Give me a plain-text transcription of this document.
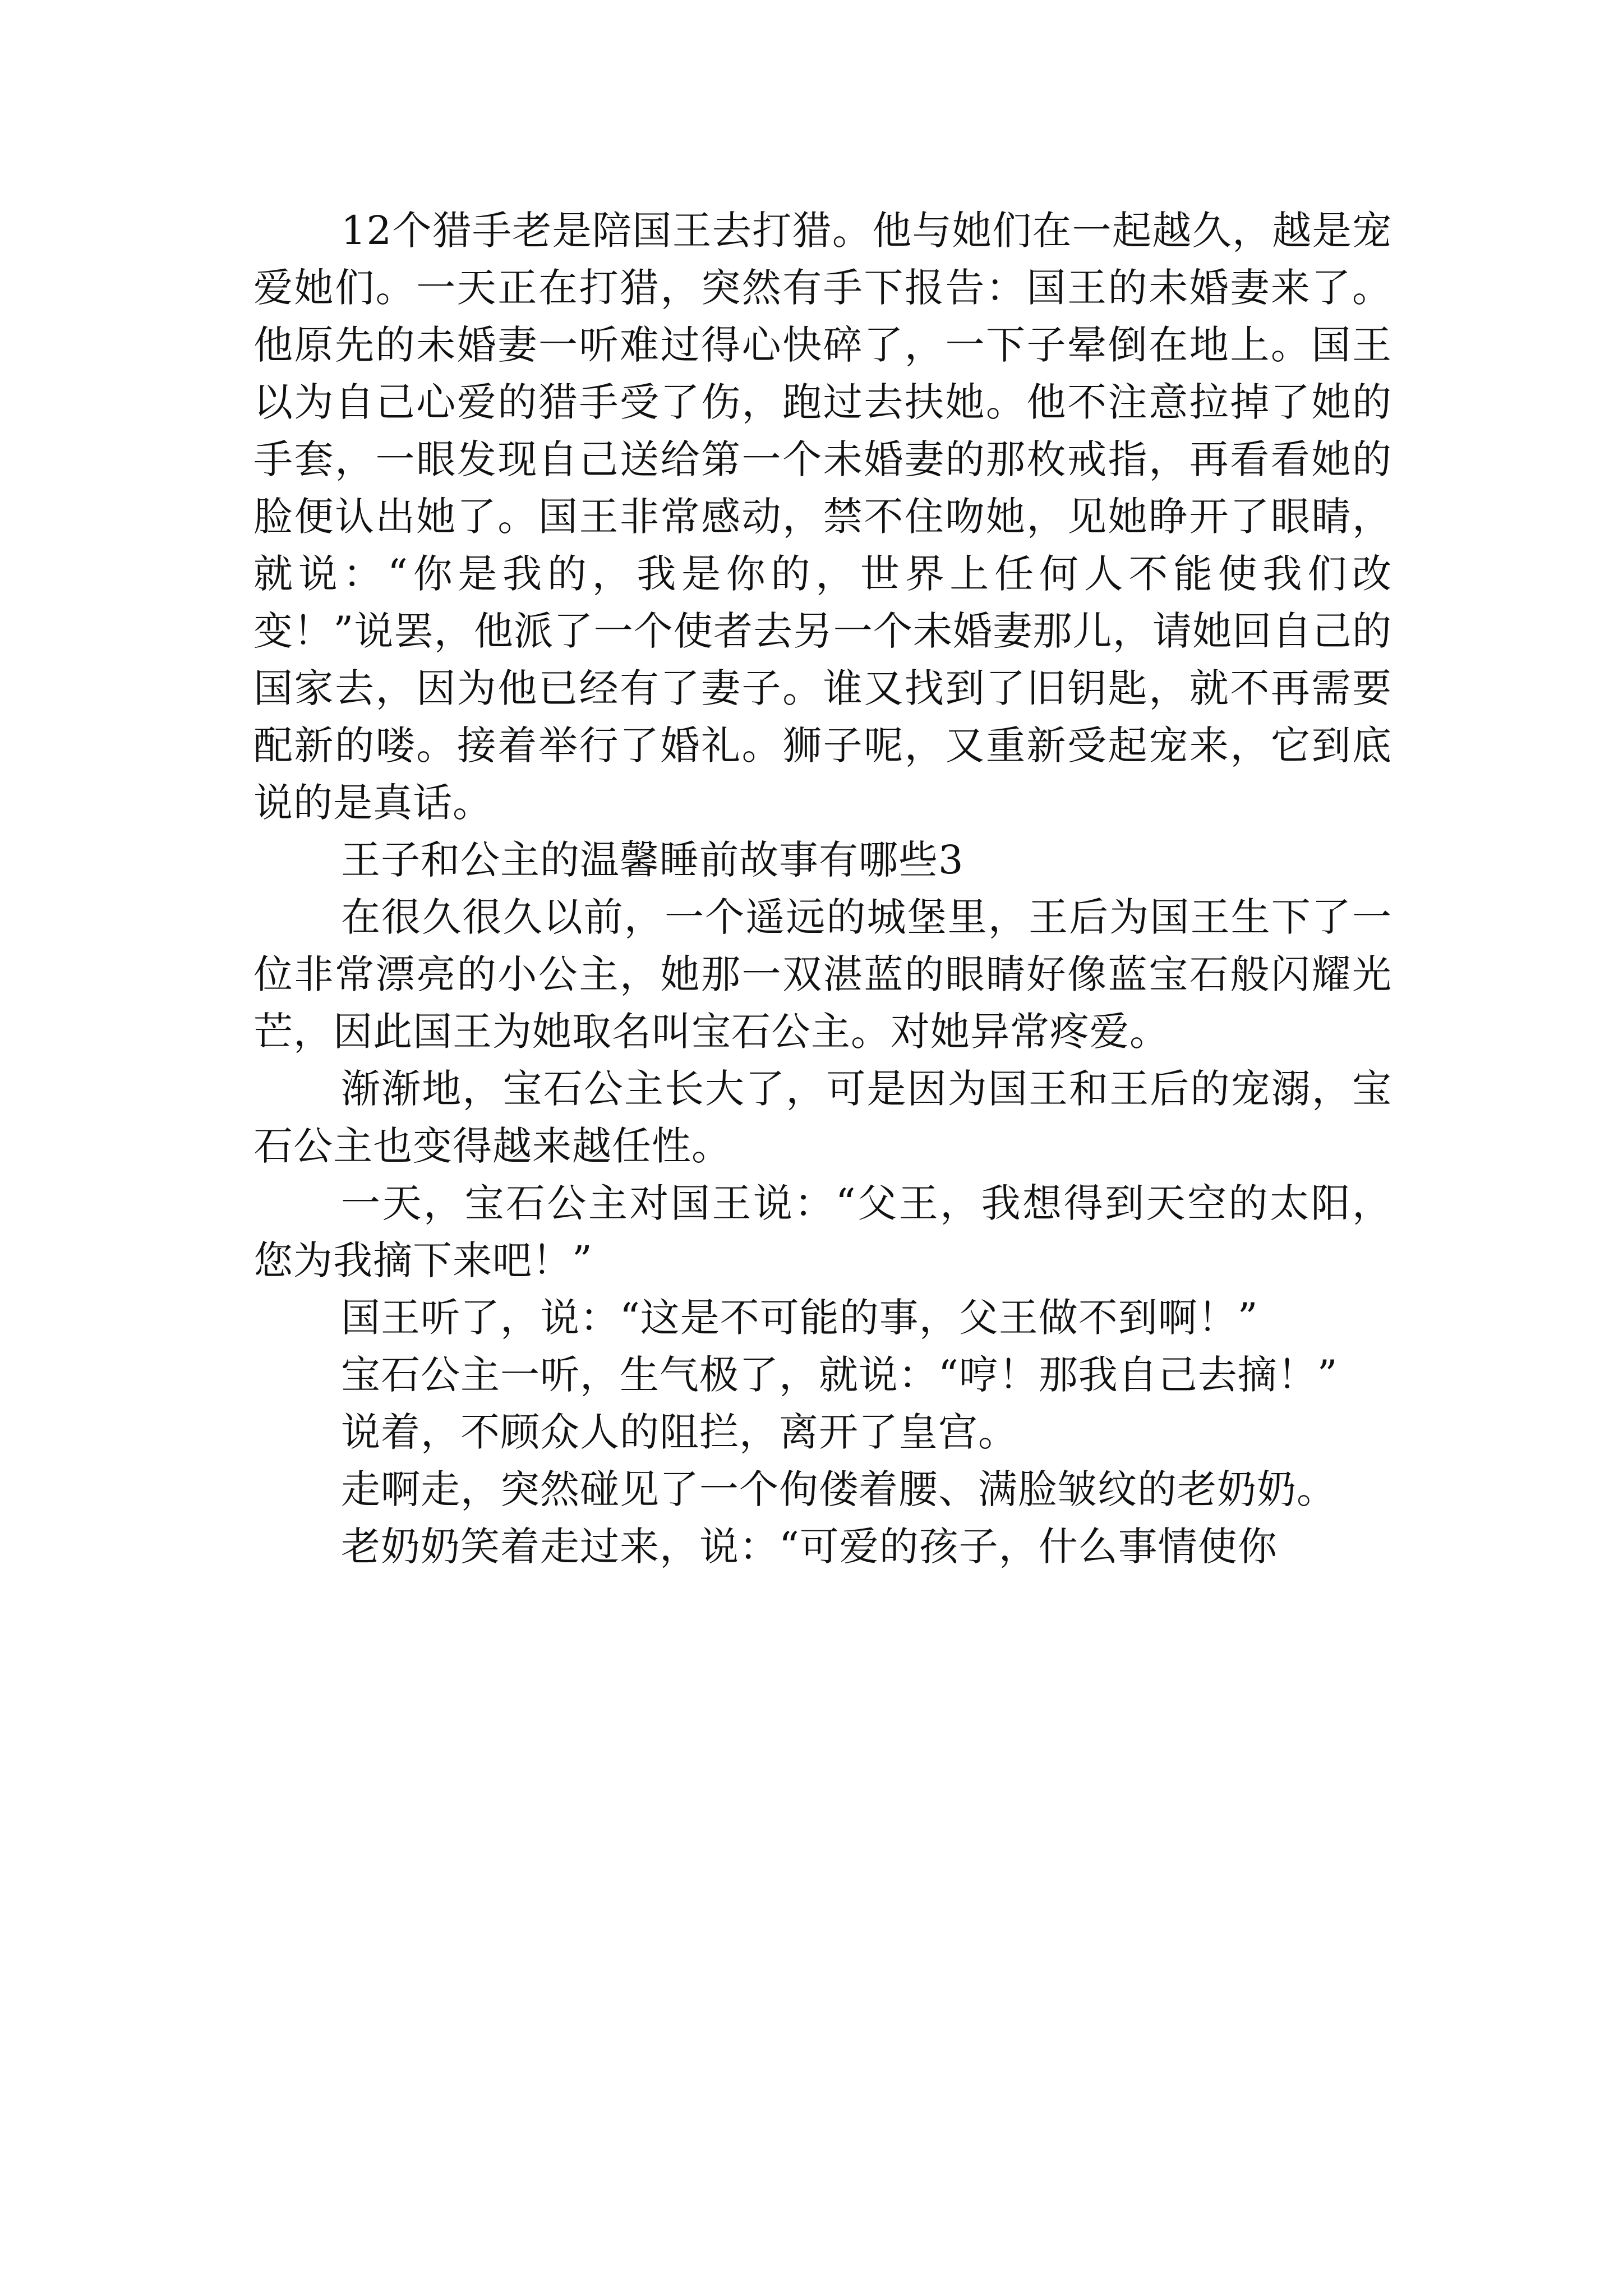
12个猎手老是陪国王去打猎。他与她们在一起越久，越是宠爱她们。一天正在打猎，突然有手下报告：国王的未婚妻来了。他原先的未婚妻一听难过得心快碎了，一下子晕倒在地上。国王以为自己心爱的猎手受了伤，跑过去扶她。他不注意拉掉了她的手套，一眼发现自己送给第一个未婚妻的那枚戒指，再看看她的脸便认出她了。国王非常感动，禁不住吻她，见她睁开了眼睛，就说：“你是我的，我是你的，世界上任何人不能使我们改变！”说罢，他派了一个使者去另一个未婚妻那儿，请她回自己的国家去，因为他已经有了妻子。谁又找到了旧钥匙，就不再需要配新的喽。接着举行了婚礼。狮子呢，又重新受起宠来，它到底说的是真话。

王子和公主的温馨睡前故事有哪些3

在很久很久以前，一个遥远的城堡里，王后为国王生下了一位非常漂亮的小公主，她那一双湛蓝的眼睛好像蓝宝石般闪耀光芒，因此国王为她取名叫宝石公主。对她异常疼爱。

渐渐地，宝石公主长大了，可是因为国王和王后的宠溺，宝石公主也变得越来越任性。

一天，宝石公主对国王说：“父王，我想得到天空的太阳，您为我摘下来吧！”

国王听了，说：“这是不可能的事，父王做不到啊！”

宝石公主一听，生气极了，就说：“哼！那我自己去摘！”

说着，不顾众人的阻拦，离开了皇宫。

走啊走，突然碰见了一个佝偻着腰、满脸皱纹的老奶奶。

老奶奶笑着走过来，说：“可爱的孩子，什么事情使你
